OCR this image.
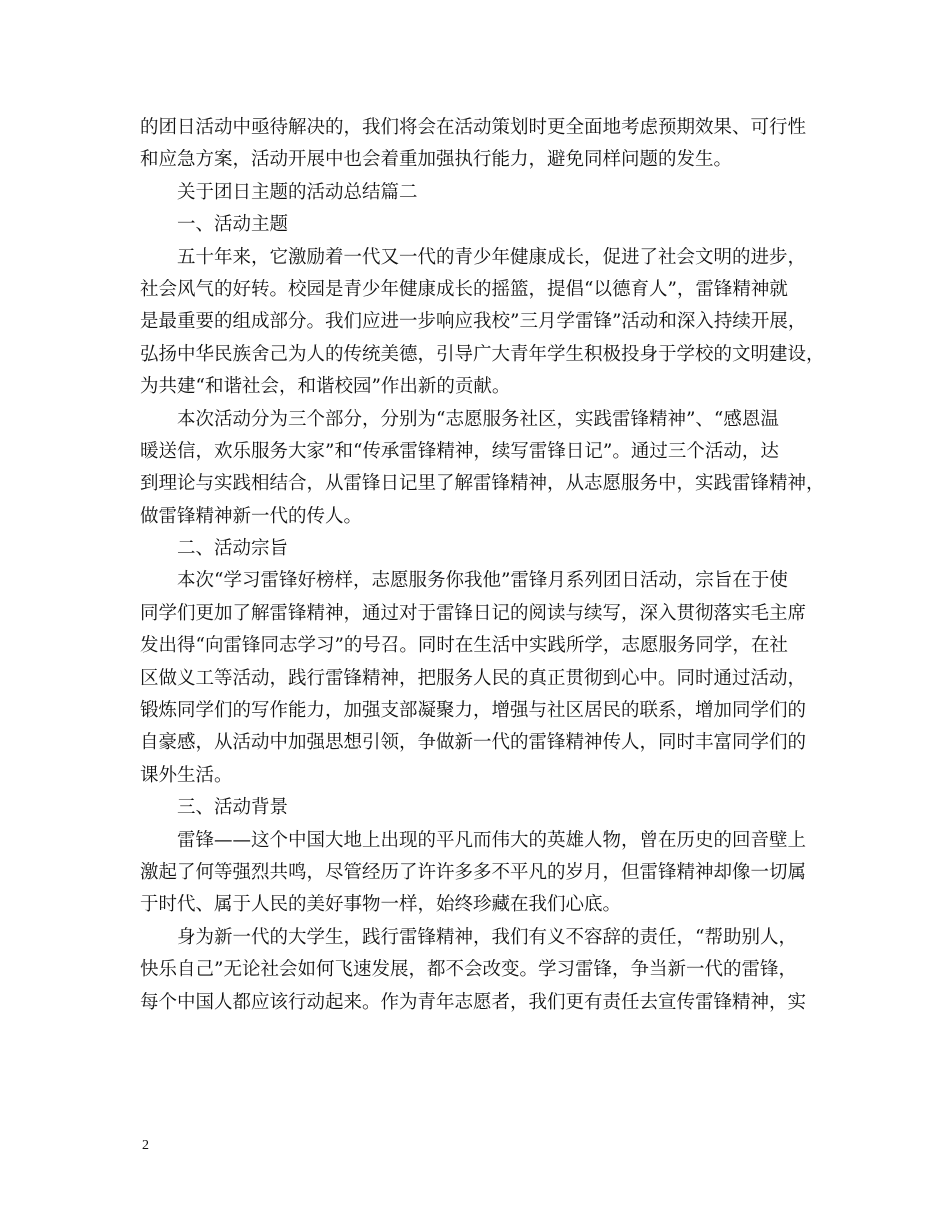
的团日活动中亟待解决的，我们将会在活动策划时更全面地考虑预期效果、可行性
和应急方案，活动开展中也会着重加强执行能力，避免同样问题的发生。
关于团日主题的活动总结篇二
一、活动主题
五十年来，它激励着一代又一代的青少年健康成长，促进了社会文明的进步，
社会风气的好转。校园是青少年健康成长的摇篮，提倡“以德育人”，雷锋精神就
是最重要的组成部分。我们应进一步响应我校”三月学雷锋”活动和深入持续开展，
弘扬中华民族舍己为人的传统美德，引导广大青年学生积极投身于学校的文明建设，
为共建“和谐社会，和谐校园”作出新的贡献。
本次活动分为三个部分，分别为“志愿服务社区，实践雷锋精神”、“感恩温
暖送信，欢乐服务大家”和“传承雷锋精神，续写雷锋日记”。通过三个活动，达
到理论与实践相结合，从雷锋日记里了解雷锋精神，从志愿服务中，实践雷锋精神，
做雷锋精神新一代的传人。
二、活动宗旨
本次“学习雷锋好榜样，志愿服务你我他”雷锋月系列团日活动，宗旨在于使
同学们更加了解雷锋精神，通过对于雷锋日记的阅读与续写，深入贯彻落实毛主席
发出得“向雷锋同志学习”的号召。同时在生活中实践所学，志愿服务同学，在社
区做义工等活动，践行雷锋精神，把服务人民的真正贯彻到心中。同时通过活动，
锻炼同学们的写作能力，加强支部凝聚力，增强与社区居民的联系，增加同学们的
自豪感，从活动中加强思想引领，争做新一代的雷锋精神传人，同时丰富同学们的
课外生活。
三、活动背景
雷锋——这个中国大地上出现的平凡而伟大的英雄人物，曾在历史的回音壁上
激起了何等强烈共鸣，尽管经历了许许多多不平凡的岁月，但雷锋精神却像一切属
于时代、属于人民的美好事物一样，始终珍藏在我们心底。
身为新一代的大学生，践行雷锋精神，我们有义不容辞的责任，“帮助别人，
快乐自己”无论社会如何飞速发展，都不会改变。学习雷锋，争当新一代的雷锋，
每个中国人都应该行动起来。作为青年志愿者，我们更有责任去宣传雷锋精神，实
2
